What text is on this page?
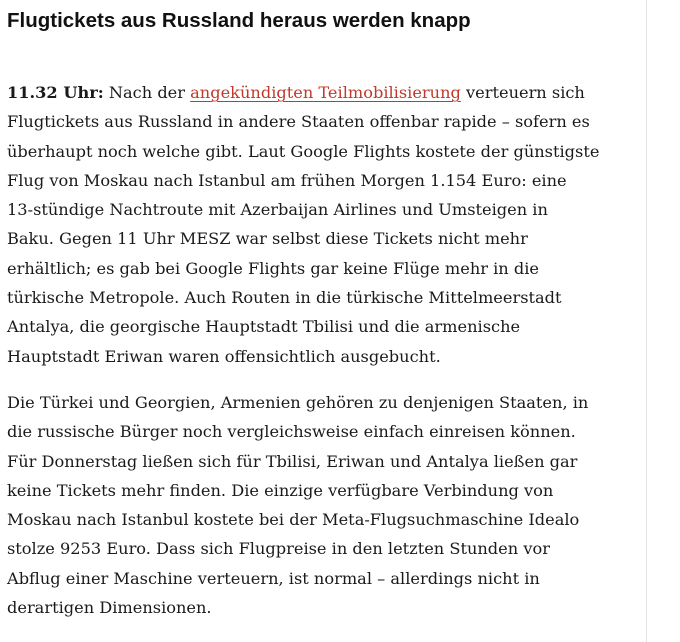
Flugtickets aus Russland heraus werden knapp

11.32 Uhr: Nach der angekündigten Teilmobilisierung verteuern sich
Flugtickets aus Russland in andere Staaten offenbar rapide – sofern es
überhaupt noch welche gibt. Laut Google Flights kostete der günstigste
Flug von Moskau nach Istanbul am frühen Morgen 1.154 Euro: eine
13-stündige Nachtroute mit Azerbaijan Airlines und Umsteigen in
Baku. Gegen 11 Uhr MESZ war selbst diese Tickets nicht mehr
erhältlich; es gab bei Google Flights gar keine Flüge mehr in die
türkische Metropole. Auch Routen in die türkische Mittelmeerstadt
Antalya, die georgische Hauptstadt Tbilisi und die armenische
Hauptstadt Eriwan waren offensichtlich ausgebucht.

Die Türkei und Georgien, Armenien gehören zu denjenigen Staaten, in
die russische Bürger noch vergleichsweise einfach einreisen können.
Für Donnerstag ließen sich für Tbilisi, Eriwan und Antalya ließen gar
keine Tickets mehr finden. Die einzige verfügbare Verbindung von
Moskau nach Istanbul kostete bei der Meta-Flugsuchmaschine Idealo
stolze 9253 Euro. Dass sich Flugpreise in den letzten Stunden vor
Abflug einer Maschine verteuern, ist normal – allerdings nicht in
derartigen Dimensionen.
